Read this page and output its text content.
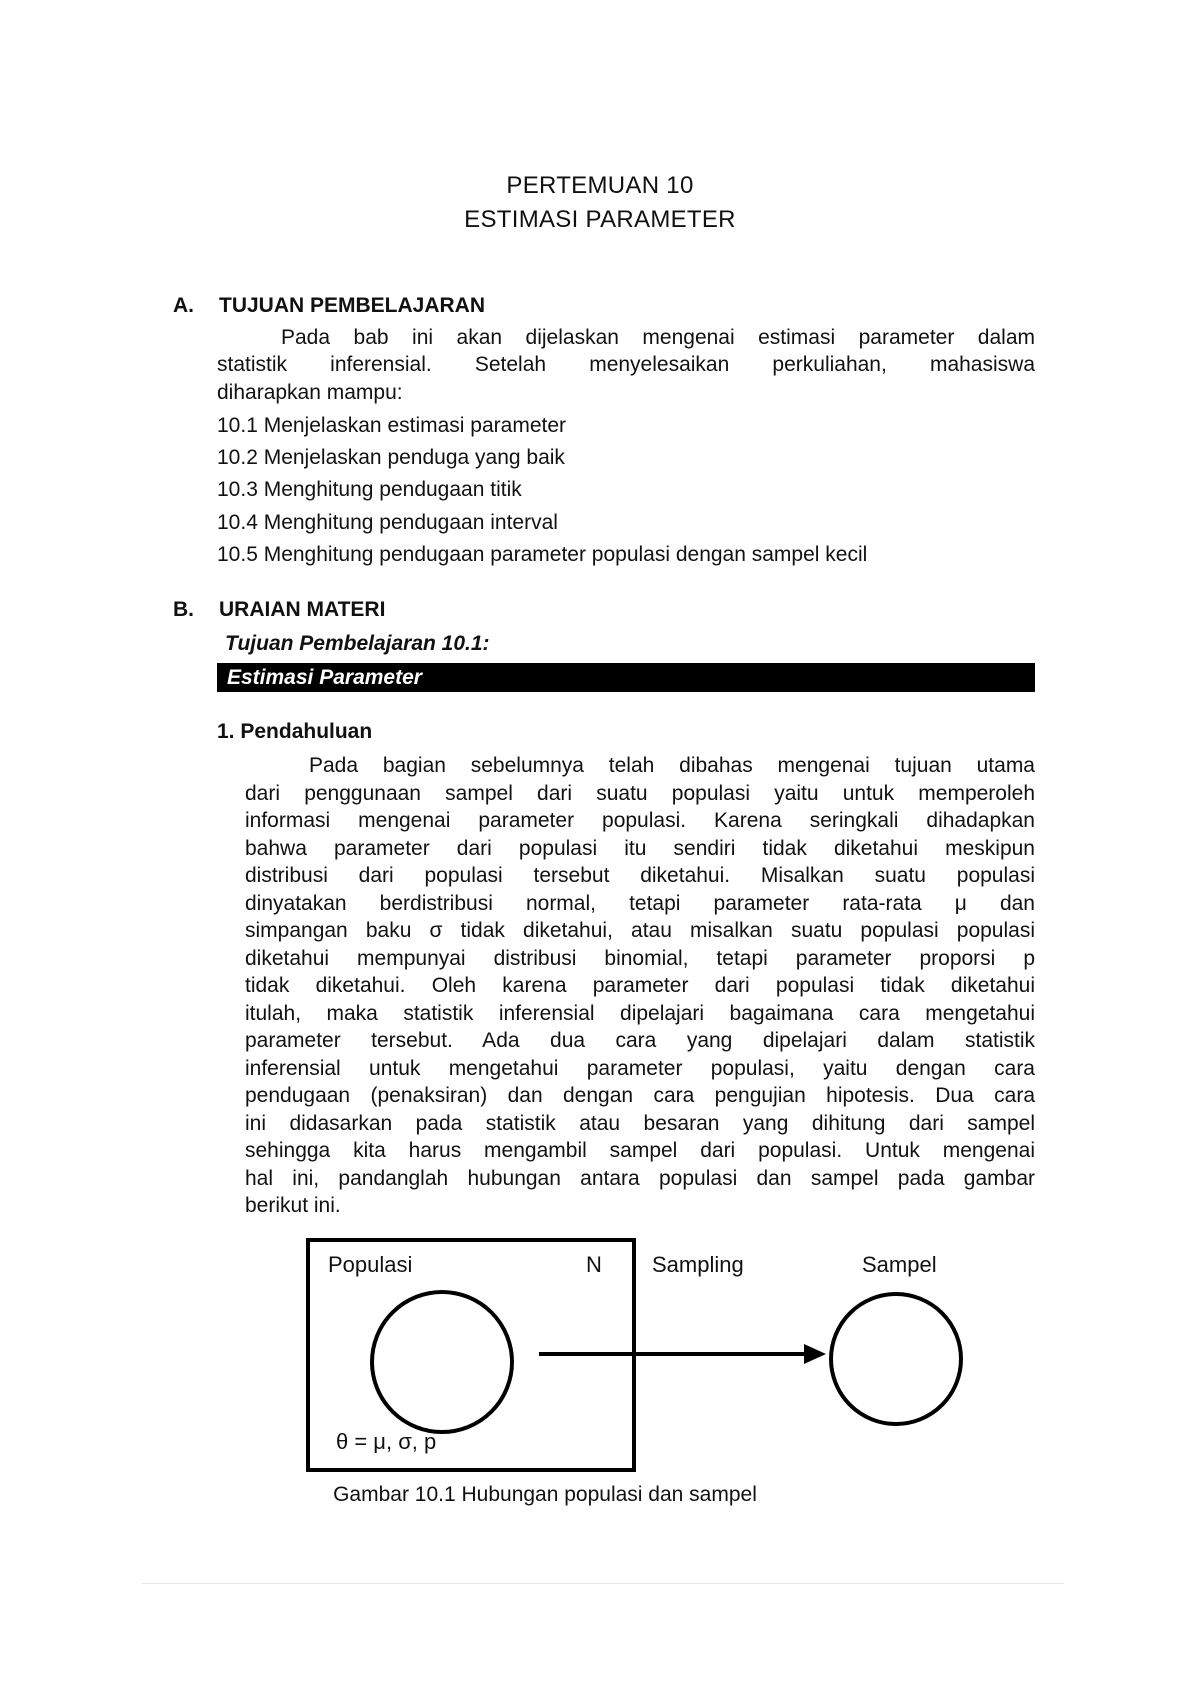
PERTEMUAN 10
ESTIMASI PARAMETER
A. TUJUAN PEMBELAJARAN
Pada bab ini akan dijelaskan mengenai estimasi parameter dalam
statistik inferensial. Setelah menyelesaikan perkuliahan, mahasiswa
diharapkan mampu:
10.1 Menjelaskan estimasi parameter
10.2 Menjelaskan penduga yang baik
10.3 Menghitung pendugaan titik
10.4 Menghitung pendugaan interval
10.5 Menghitung pendugaan parameter populasi dengan sampel kecil
B. URAIAN MATERI
Tujuan Pembelajaran 10.1:
Estimasi Parameter
1. Pendahuluan
Pada bagian sebelumnya telah dibahas mengenai tujuan utama
dari penggunaan sampel dari suatu populasi yaitu untuk memperoleh
informasi mengenai parameter populasi. Karena seringkali dihadapkan
bahwa parameter dari populasi itu sendiri tidak diketahui meskipun
distribusi dari populasi tersebut diketahui. Misalkan suatu populasi
dinyatakan berdistribusi normal, tetapi parameter rata-rata μ dan
simpangan baku σ tidak diketahui, atau misalkan suatu populasi populasi
diketahui mempunyai distribusi binomial, tetapi parameter proporsi p
tidak diketahui. Oleh karena parameter dari populasi tidak diketahui
itulah, maka statistik inferensial dipelajari bagaimana cara mengetahui
parameter tersebut. Ada dua cara yang dipelajari dalam statistik
inferensial untuk mengetahui parameter populasi, yaitu dengan cara
pendugaan (penaksiran) dan dengan cara pengujian hipotesis. Dua cara
ini didasarkan pada statistik atau besaran yang dihitung dari sampel
sehingga kita harus mengambil sampel dari populasi. Untuk mengenai
hal ini, pandanglah hubungan antara populasi dan sampel pada gambar
berikut ini.
Populasi	N
θ = μ, σ, p
Sampling	Sampel
Gambar 10.1 Hubungan populasi dan sampel
